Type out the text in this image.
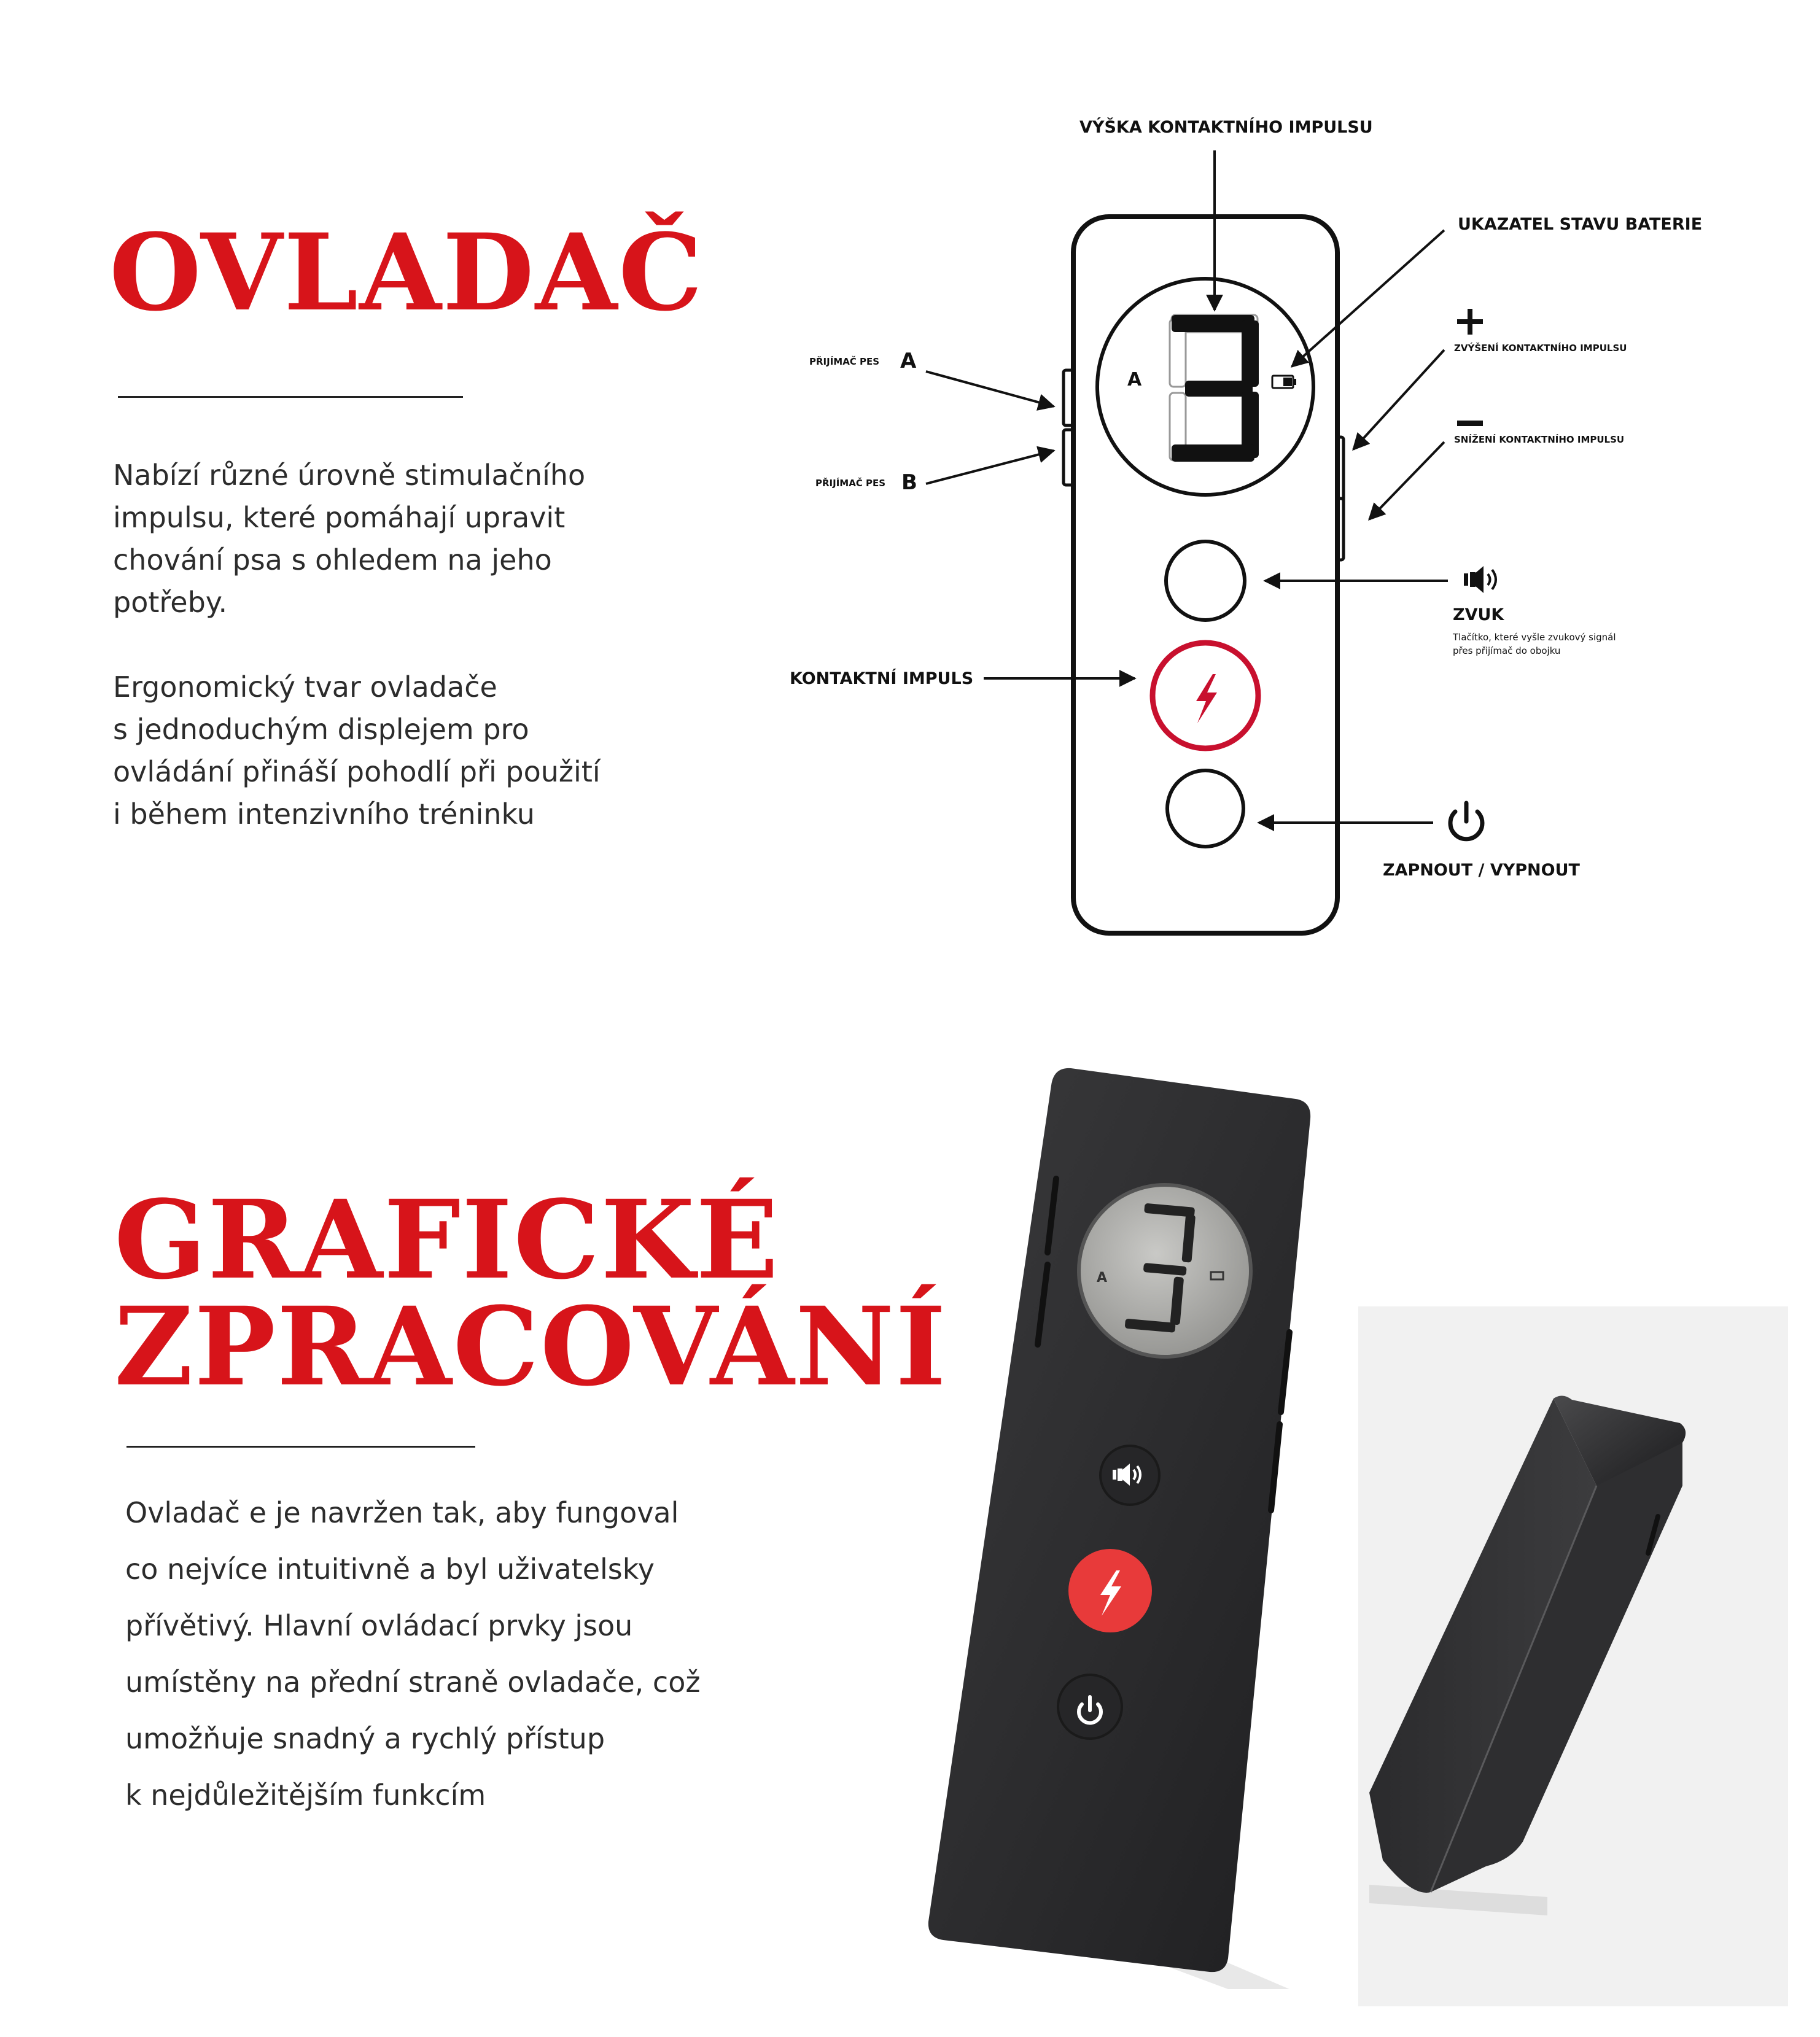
OVLADAČ
Nabízí různé úrovně stimulačního
impulsu, které pomáhají upravit
chování psa s ohledem na jeho
potřeby.
Ergonomický tvar ovladače
s jednoduchým displejem pro
ovládání přináší pohodlí při použití
i během intenzivního tréninku
VÝŠKA KONTAKTNÍHO IMPULSU
UKAZATEL STAVU BATERIE
PŘIJÍMAČ PES A
PŘIJÍMAČ PES B
A
ZVÝŠENÍ KONTAKTNÍHO IMPULSU
SNÍŽENÍ KONTAKTNÍHO IMPULSU
ZVUK
Tlačítko, které vyšle zvukový signál
přes přijímač do obojku
KONTAKTNÍ IMPULS
ZAPNOUT / VYPNOUT
GRAFICKÉ
ZPRACOVÁNÍ
Ovladač e je navržen tak, aby fungoval
co nejvíce intuitivně a byl uživatelsky
přívětivý. Hlavní ovládací prvky jsou
umístěny na přední straně ovladače, což
umožňuje snadný a rychlý přístup
k nejdůležitějším funkcím
A
